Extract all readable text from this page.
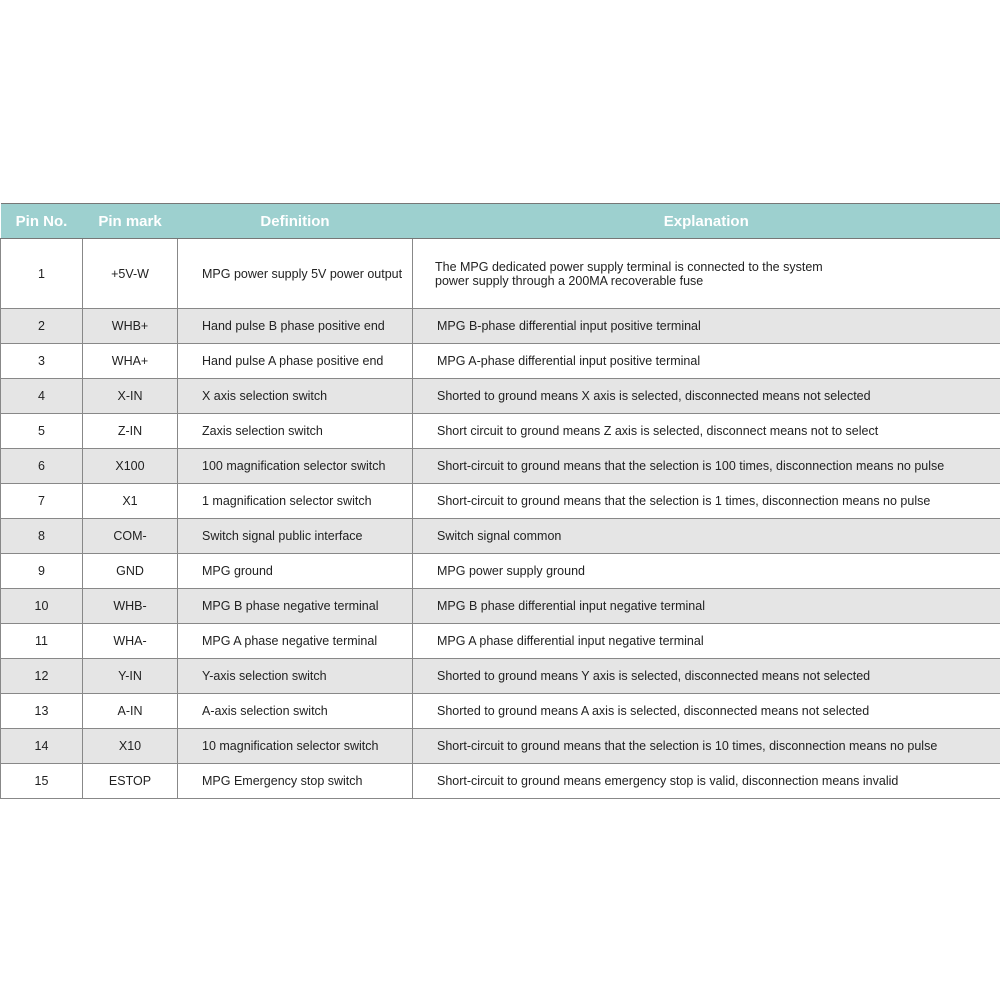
Pin No.	Pin mark	Definition	Explanation
1	+5V-W	MPG power supply 5V power output	The MPG dedicated power supply terminal is connected to the system
power supply through a 200MA recoverable fuse
2	WHB+	Hand pulse B phase positive end	MPG B-phase differential input positive terminal
3	WHA+	Hand pulse A phase positive end	MPG A-phase differential input positive terminal
4	X-IN	X axis selection switch	Shorted to ground means X axis is selected, disconnected means not selected
5	Z-IN	Zaxis selection switch	Short circuit to ground means Z axis is selected, disconnect means not to select
6	X100	100 magnification selector switch	Short-circuit to ground means that the selection is 100 times, disconnection means no pulse
7	X1	1 magnification selector switch	Short-circuit to ground means that the selection is 1 times, disconnection means no pulse
8	COM-	Switch signal public interface	Switch signal common
9	GND	MPG ground	MPG power supply ground
10	WHB-	MPG B phase negative terminal	MPG B phase differential input negative terminal
11	WHA-	MPG A phase negative terminal	MPG A phase differential input negative terminal
12	Y-IN	Y-axis selection switch	Shorted to ground means Y axis is selected, disconnected means not selected
13	A-IN	A-axis selection switch	Shorted to ground means A axis is selected, disconnected means not selected
14	X10	10 magnification selector switch	Short-circuit to ground means that the selection is 10 times, disconnection means no pulse
15	ESTOP	MPG Emergency stop switch	Short-circuit to ground means emergency stop is valid, disconnection means invalid
